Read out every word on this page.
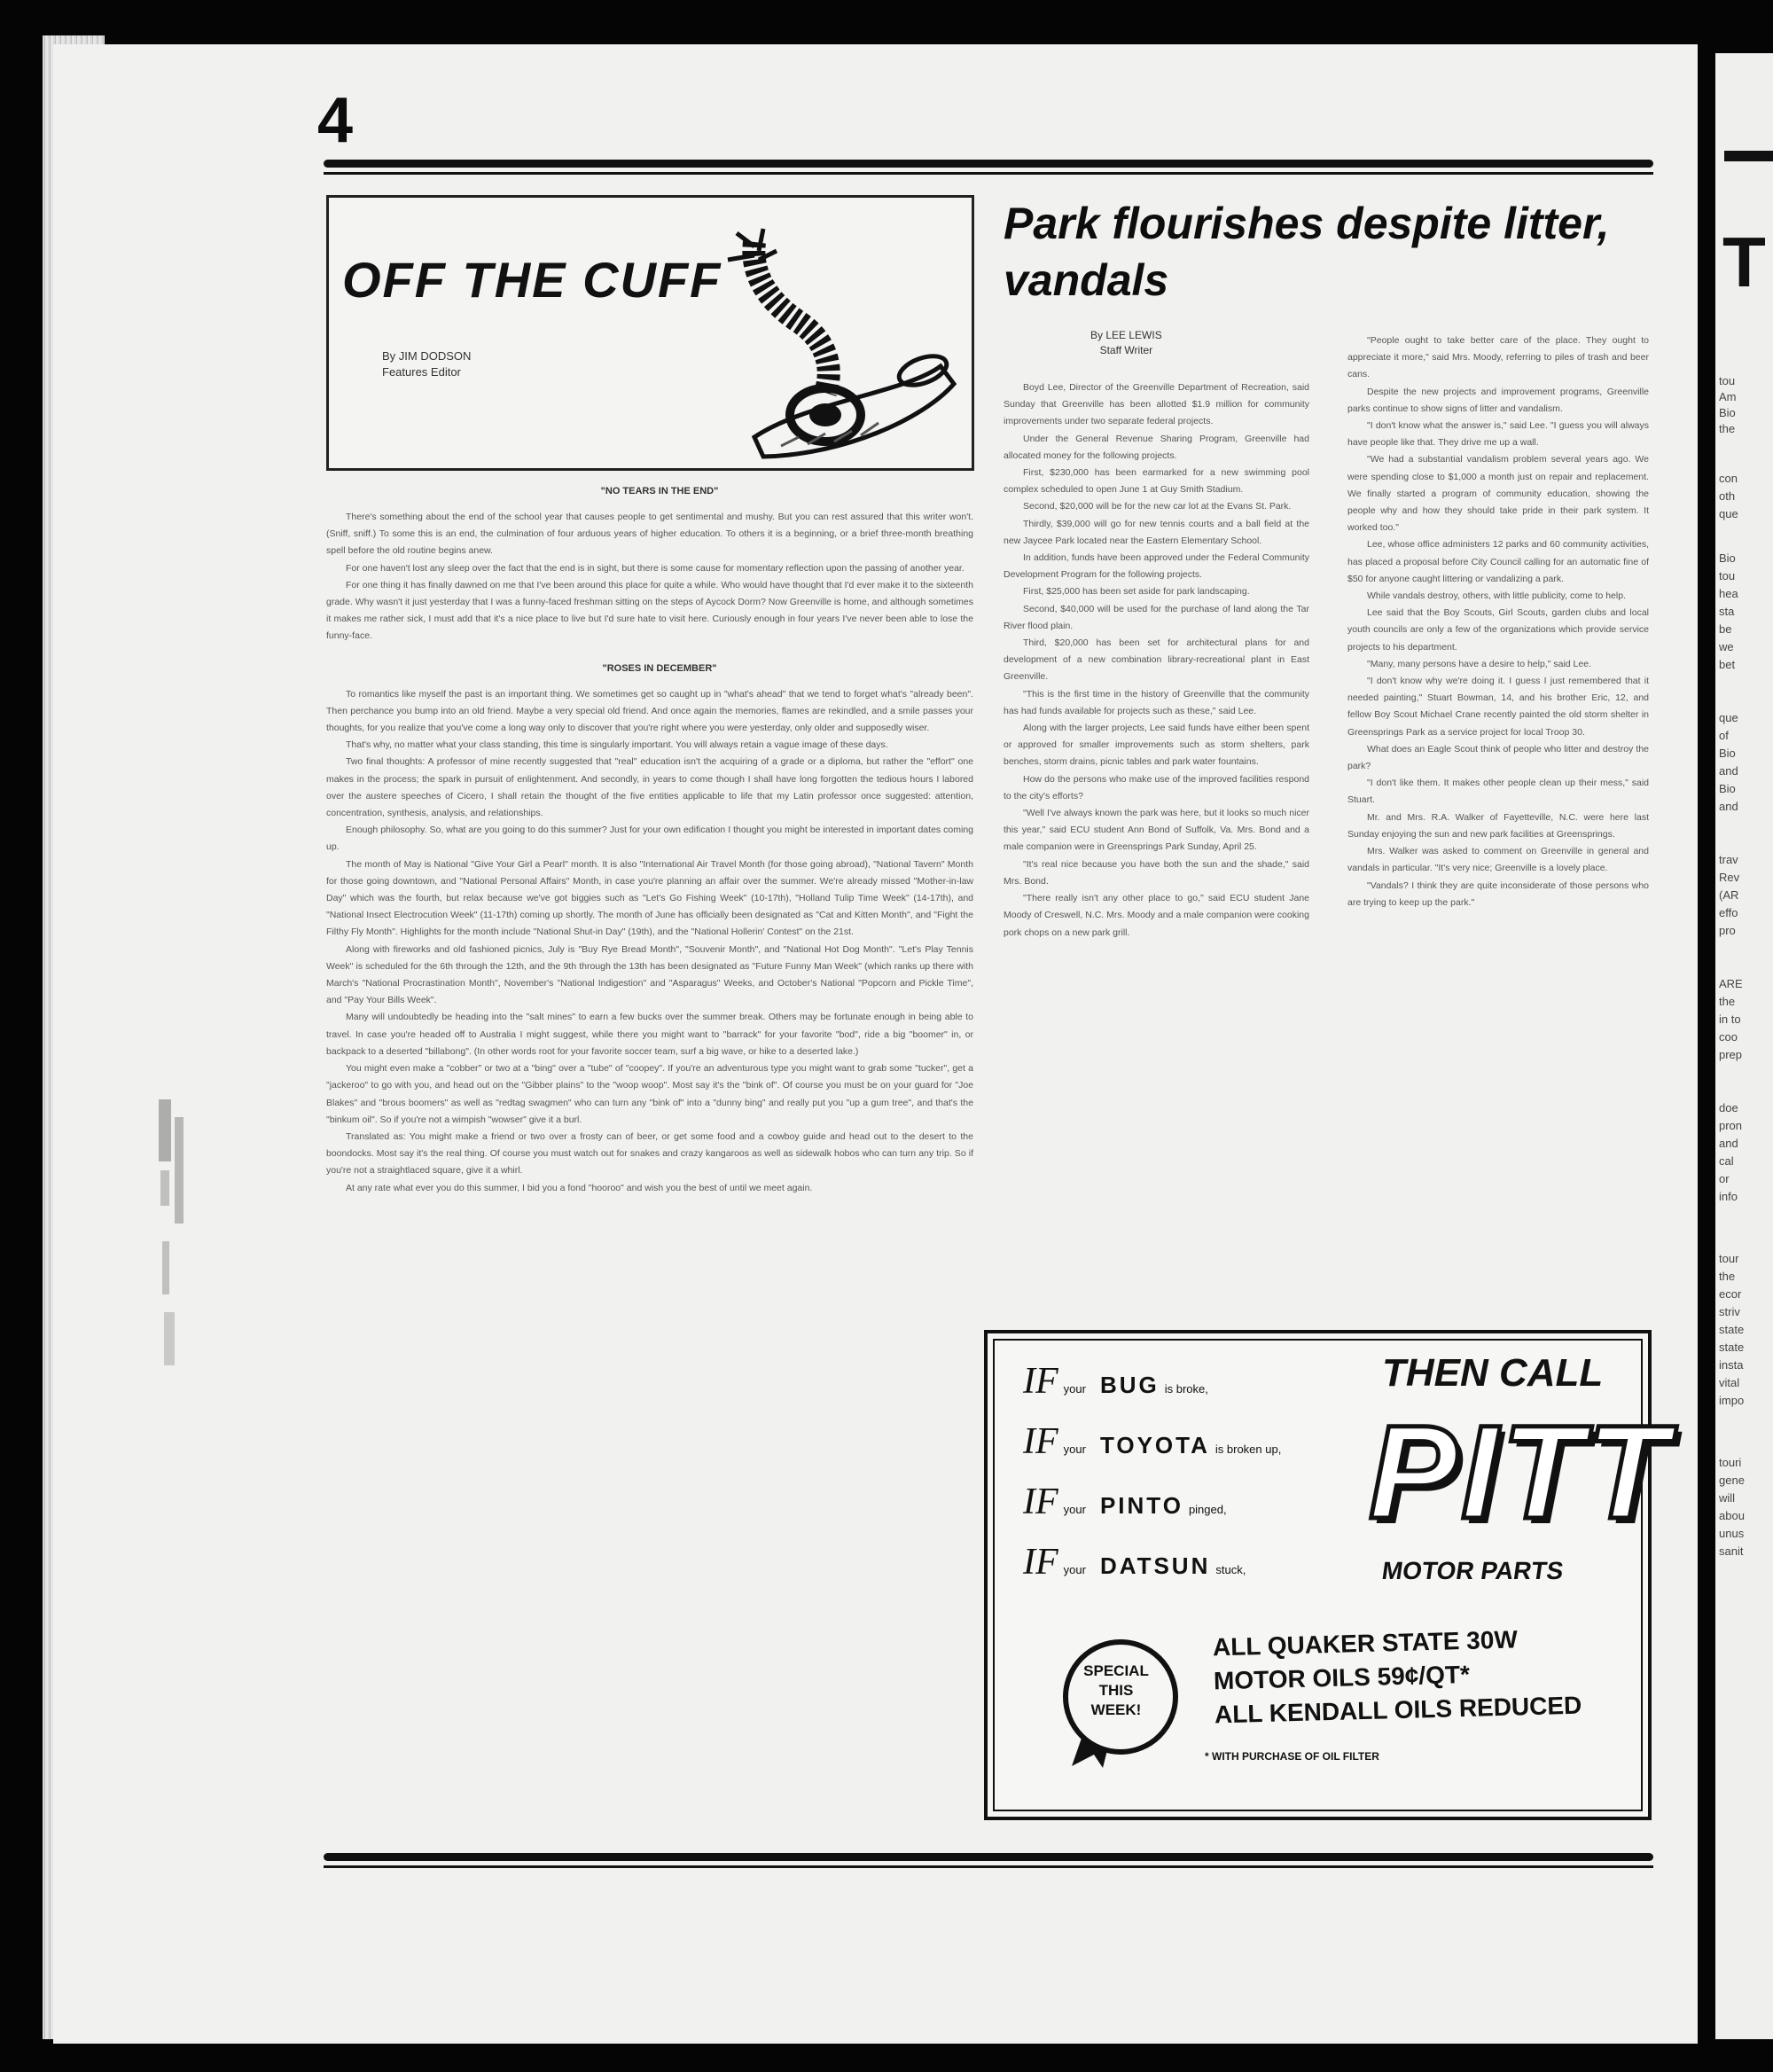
T
tou
Am
Bio
the
con
oth
que
Bio
tou
hea
sta
be
we
bet
que
of
Bio
and
Bio
and
trav
Rev
(AR
effo
pro
ARE
the
in to
coo
prep
doe
pron
and
cal
or
info
tour
the
ecor
striv
state
state
insta
vital
impo
touri
gene
will
abou
unus
sanit
4
OFF THE CUFF
By JIM DODSON
Features Editor

"NO TEARS IN THE END"

There's something about the end of the school year that causes people to get sentimental and mushy. But you can rest assured that this writer won't. (Sniff, sniff.) To some this is an end, the culmination of four arduous years of higher education. To others it is a beginning, or a brief three-month breathing spell before the old routine begins anew.

For one haven't lost any sleep over the fact that the end is in sight, but there is some cause for momentary reflection upon the passing of another year.

For one thing it has finally dawned on me that I've been around this place for quite a while. Who would have thought that I'd ever make it to the sixteenth grade. Why wasn't it just yesterday that I was a funny-faced freshman sitting on the steps of Aycock Dorm? Now Greenville is home, and although sometimes it makes me rather sick, I must add that it's a nice place to live but I'd sure hate to visit here. Curiously enough in four years I've never been able to lose the funny-face.

"ROSES IN DECEMBER"

To romantics like myself the past is an important thing. We sometimes get so caught up in "what's ahead" that we tend to forget what's "already been". Then perchance you bump into an old friend. Maybe a very special old friend. And once again the memories, flames are rekindled, and a smile passes your thoughts, for you realize that you've come a long way only to discover that you're right where you were yesterday, only older and supposedly wiser.

That's why, no matter what your class standing, this time is singularly important. You will always retain a vague image of these days.

Two final thoughts: A professor of mine recently suggested that "real" education isn't the acquiring of a grade or a diploma, but rather the "effort" one makes in the process; the spark in pursuit of enlightenment. And secondly, in years to come though I shall have long forgotten the tedious hours I labored over the austere speeches of Cicero, I shall retain the thought of the five entities applicable to life that my Latin professor once suggested: attention, concentration, synthesis, analysis, and relationships.

Enough philosophy. So, what are you going to do this summer? Just for your own edification I thought you might be interested in important dates coming up.

The month of May is National "Give Your Girl a Pearl" month. It is also "International Air Travel Month (for those going abroad), "National Tavern" Month for those going downtown, and "National Personal Affairs" Month, in case you're planning an affair over the summer. We're already missed "Mother-in-law Day" which was the fourth, but relax because we've got biggies such as "Let's Go Fishing Week" (10-17th), "Holland Tulip Time Week" (14-17th), and "National Insect Electrocution Week" (11-17th) coming up shortly. The month of June has officially been designated as "Cat and Kitten Month", and "Fight the Filthy Fly Month". Highlights for the month include "National Shut-in Day" (19th), and the "National Hollerin' Contest" on the 21st.

Along with fireworks and old fashioned picnics, July is "Buy Rye Bread Month", "Souvenir Month", and "National Hot Dog Month". "Let's Play Tennis Week" is scheduled for the 6th through the 12th, and the 9th through the 13th has been designated as "Future Funny Man Week" (which ranks up there with March's "National Procrastination Month", November's "National Indigestion" and "Asparagus" Weeks, and October's National "Popcorn and Pickle Time", and "Pay Your Bills Week".

Many will undoubtedly be heading into the "salt mines" to earn a few bucks over the summer break. Others may be fortunate enough in being able to travel. In case you're headed off to Australia I might suggest, while there you might want to "barrack" for your favorite "bod", ride a big "boomer" in, or backpack to a deserted "billabong". (In other words root for your favorite soccer team, surf a big wave, or hike to a deserted lake.)

You might even make a "cobber" or two at a "bing" over a "tube" of "coopey". If you're an adventurous type you might want to grab some "tucker", get a "jackeroo" to go with you, and head out on the "Gibber plains" to the "woop woop". Most say it's the "bink of". Of course you must be on your guard for "Joe Blakes" and "brous boomers" as well as "redtag swagmen" who can turn any "bink of" into a "dunny bing" and really put you "up a gum tree", and that's the "binkum oil". So if you're not a wimpish "wowser" give it a burl.

Translated as: You might make a friend or two over a frosty can of beer, or get some food and a cowboy guide and head out to the desert to the boondocks. Most say it's the real thing. Of course you must watch out for snakes and crazy kangaroos as well as sidewalk hobos who can turn any trip. So if you're not a straightlaced square, give it a whirl.

At any rate what ever you do this summer, I bid you a fond "hooroo" and wish you the best of until we meet again.

Park flourishes despite litter, vandals
By LEE LEWIS
Staff Writer

Boyd Lee, Director of the Greenville Department of Recreation, said Sunday that Greenville has been allotted $1.9 million for community improvements under two separate federal projects.

Under the General Revenue Sharing Program, Greenville had allocated money for the following projects.

First, $230,000 has been earmarked for a new swimming pool complex scheduled to open June 1 at Guy Smith Stadium.

Second, $20,000 will be for the new car lot at the Evans St. Park.

Thirdly, $39,000 will go for new tennis courts and a ball field at the new Jaycee Park located near the Eastern Elementary School.

In addition, funds have been approved under the Federal Community Development Program for the following projects.

First, $25,000 has been set aside for park landscaping.

Second, $40,000 will be used for the purchase of land along the Tar River flood plain.

Third, $20,000 has been set for architectural plans for and development of a new combination library-recreational plant in East Greenville.

"This is the first time in the history of Greenville that the community has had funds available for projects such as these," said Lee.

Along with the larger projects, Lee said funds have either been spent or approved for smaller improvements such as storm shelters, park benches, storm drains, picnic tables and park water fountains.

How do the persons who make use of the improved facilities respond to the city's efforts?

"Well I've always known the park was here, but it looks so much nicer this year," said ECU student Ann Bond of Suffolk, Va. Mrs. Bond and a male companion were in Greensprings Park Sunday, April 25.

"It's real nice because you have both the sun and the shade," said Mrs. Bond.

"There really isn't any other place to go," said ECU student Jane Moody of Creswell, N.C. Mrs. Moody and a male companion were cooking pork chops on a new park grill.

"People ought to take better care of the place. They ought to appreciate it more," said Mrs. Moody, referring to piles of trash and beer cans.

Despite the new projects and improvement programs, Greenville parks continue to show signs of litter and vandalism.

"I don't know what the answer is," said Lee. "I guess you will always have people like that. They drive me up a wall.

"We had a substantial vandalism problem several years ago. We were spending close to $1,000 a month just on repair and replacement. We finally started a program of community education, showing the people why and how they should take pride in their park system. It worked too."

Lee, whose office administers 12 parks and 60 community activities, has placed a proposal before City Council calling for an automatic fine of $50 for anyone caught littering or vandalizing a park.

While vandals destroy, others, with little publicity, come to help.

Lee said that the Boy Scouts, Girl Scouts, garden clubs and local youth councils are only a few of the organizations which provide service projects to his department.

"Many, many persons have a desire to help," said Lee.

"I don't know why we're doing it. I guess I just remembered that it needed painting," Stuart Bowman, 14, and his brother Eric, 12, and fellow Boy Scout Michael Crane recently painted the old storm shelter in Greensprings Park as a service project for local Troop 30.

What does an Eagle Scout think of people who litter and destroy the park?

"I don't like them. It makes other people clean up their mess," said Stuart.

Mr. and Mrs. R.A. Walker of Fayetteville, N.C. were here last Sunday enjoying the sun and new park facilities at Greensprings.

Mrs. Walker was asked to comment on Greenville in general and vandals in particular. "It's very nice; Greenville is a lovely place.

"Vandals? I think they are quite inconsiderate of those persons who are trying to keep up the park."

IF your BUG is broke,
IF your TOYOTA is broken up,
IF your PINTO pinged,
IF your DATSUN stuck,
THEN CALL
PITT
MOTOR PARTS
SPECIAL
THIS
WEEK!
ALL QUAKER STATE 30W
MOTOR OILS 59¢/QT*
ALL KENDALL OILS REDUCED
* WITH PURCHASE OF OIL FILTER
